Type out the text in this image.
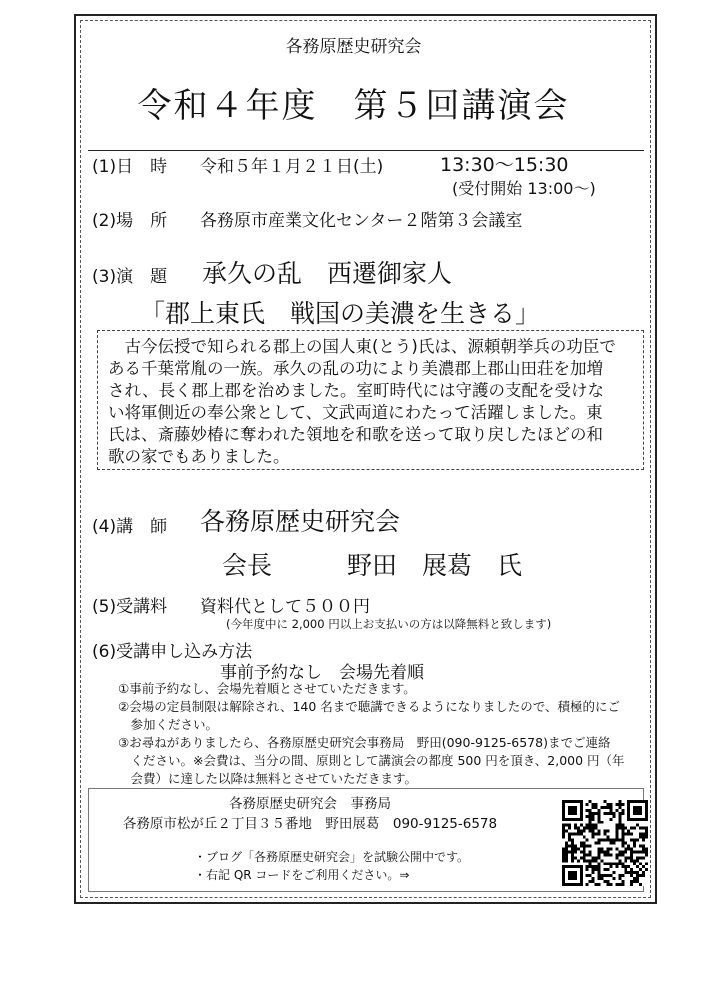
各務原歴史研究会
令和４年度　第５回講演会
(1)日　時 令和５年１月２１日(土)	13:30～15:30
(受付開始 13:00～)
(2)場　所 各務原市産業文化センター２階第３会議室
(3)演　題 承久の乱　西遷御家人
「郡上東氏　戦国の美濃を生きる」
古今伝授で知られる郡上の国人東(とう)氏は、源頼朝挙兵の功臣で
ある千葉常胤の一族。承久の乱の功により美濃郡上郡山田荘を加増
され、長く郡上郡を治めました。室町時代には守護の支配を受けな
い将軍側近の奉公衆として、文武両道にわたって活躍しました。東
氏は、斎藤妙椿に奪われた領地を和歌を送って取り戻したほどの和
歌の家でもありました。
(4)講　師 各務原歴史研究会
会長　　　野田　展葛　氏
(5)受講料 資料代として５００円
(今年度中に 2,000 円以上お支払いの方は以降無料と致します)
(6)受講申し込み方法
事前予約なし　会場先着順
①事前予約なし、会場先着順とさせていただきます。
②会場の定員制限は解除され、140 名まで聴講できるようになりましたので、積極的にご
　参加ください。
③お尋ねがありましたら、各務原歴史研究会事務局　野田(090-9125-6578)までご連絡
　ください。※会費は、当分の間、原則として講演会の都度 500 円を頂き、2,000 円（年
　会費）に達した以降は無料とさせていただきます。
各務原歴史研究会　事務局
各務原市松が丘２丁目３５番地　野田展葛　090-9125-6578
・ブログ「各務原歴史研究会」を試験公開中です。
・右記 QR コードをご利用ください。⇒
